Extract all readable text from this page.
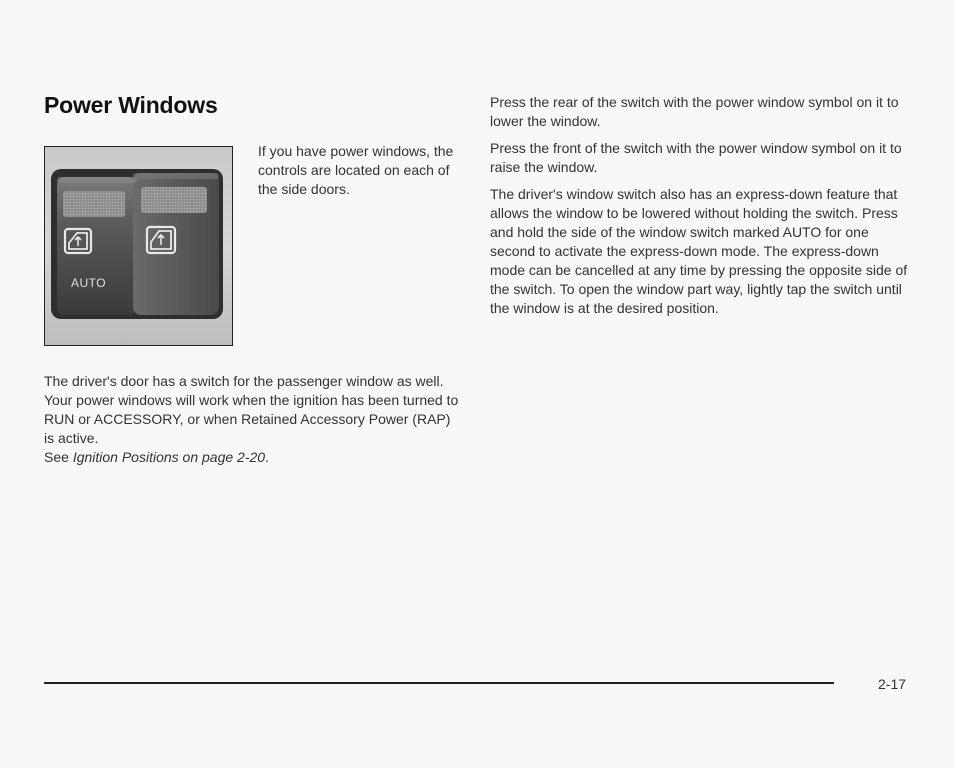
Power Windows
AUTO

If you have power windows, the controls are located on each of the side doors.

The driver's door has a switch for the passenger window as well. Your power windows will work when the ignition has been turned to RUN or ACCESSORY, or when Retained Accessory Power (RAP) is active.
See Ignition Positions on page 2-20.

Press the rear of the switch with the power window symbol on it to lower the window.

Press the front of the switch with the power window symbol on it to raise the window.

The driver's window switch also has an express-down feature that allows the window to be lowered without holding the switch. Press and hold the side of the window switch marked AUTO for one second to activate the express-down mode. The express-down mode can be cancelled at any time by pressing the opposite side of the switch. To open the window part way, lightly tap the switch until the window is at the desired position.

2-17
